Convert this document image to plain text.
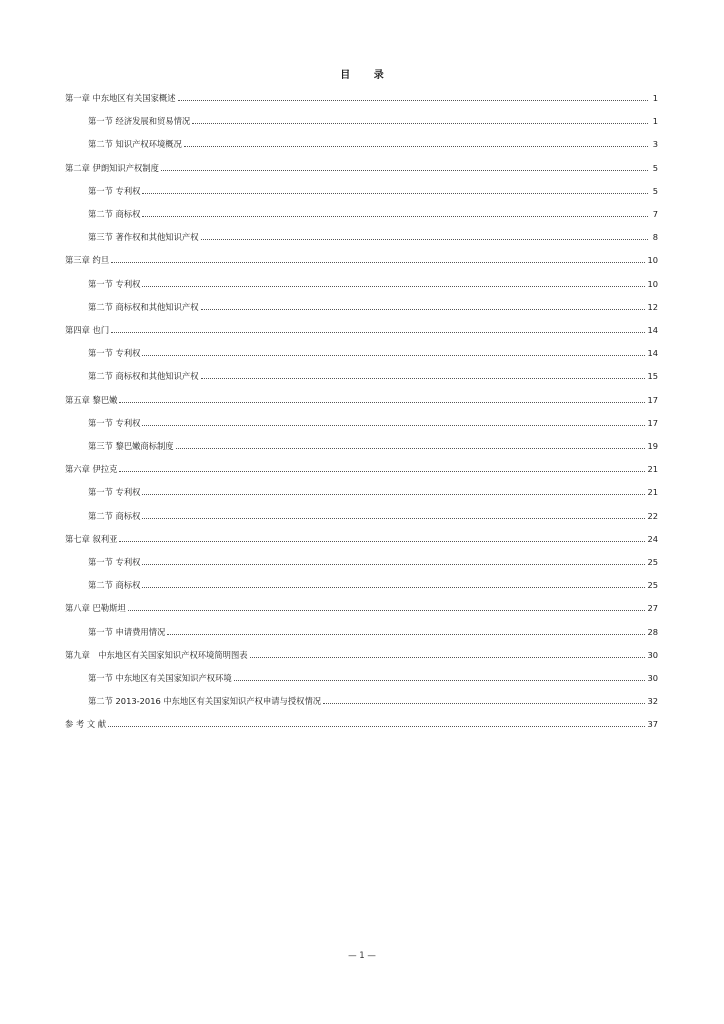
目 录
第一章 中东地区有关国家概述	1
第一节 经济发展和贸易情况	1
第二节 知识产权环境概况	3
第二章 伊朗知识产权制度	5
第一节 专利权	5
第二节 商标权	7
第三节 著作权和其他知识产权	8
第三章 约旦	10
第一节 专利权	10
第二节 商标权和其他知识产权	12
第四章 也门	14
第一节 专利权	14
第二节 商标权和其他知识产权	15
第五章 黎巴嫩	17
第一节 专利权	17
第三节 黎巴嫩商标制度	19
第六章 伊拉克	21
第一节 专利权	21
第二节 商标权	22
第七章 叙利亚	24
第一节 专利权	25
第二节 商标权	25
第八章 巴勒斯坦	27
第一节 申请费用情况	28
第九章　中东地区有关国家知识产权环境简明图表	30
第一节 中东地区有关国家知识产权环境	30
第二节 2013-2016 中东地区有关国家知识产权申请与授权情况	32
参 考 文 献	37
— 1 —
